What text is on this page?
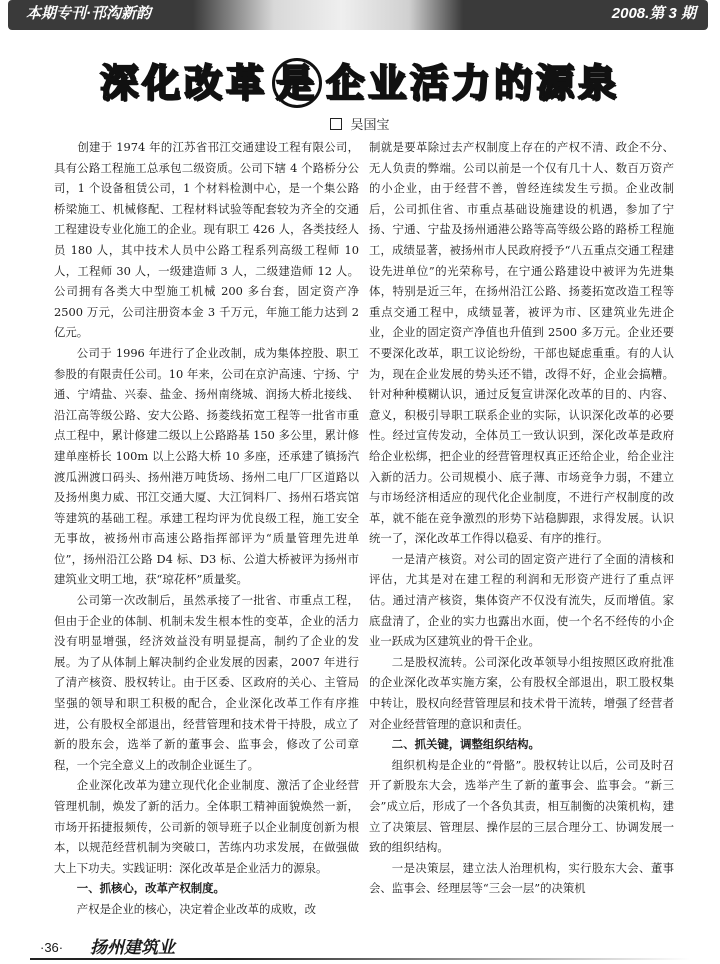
本期专刊·邗沟新韵	2008.第 3 期
深化改革 是 企业活力的源泉
吴国宝

　　创建于 1974 年的江苏省邗江交通建设工程有限公司，具有公路工程施工总承包二级资质。公司下辖 4 个路桥分公司，1 个设备租赁公司，1 个材料检测中心，是一个集公路桥梁施工、机械修配、工程材料试验等配套较为齐全的交通工程建设专业化施工的企业。现有职工 426 人，各类技经人员 180 人，其中技术人员中公路工程系列高级工程师 10 人，工程师 30 人，一级建造师 3 人，二级建造师 12 人。公司拥有各类大中型施工机械 200 多台套，固定资产净 2500 万元，公司注册资本金 3 千万元，年施工能力达到 2 亿元。

公司于 1996 年进行了企业改制，成为集体控股、职工参股的有限责任公司。10 年来，公司在京沪高速、宁扬、宁通、宁靖盐、兴泰、盐金、扬州南绕城、润扬大桥北接线、沿江高等级公路、安大公路、扬菱线拓宽工程等一批省市重点工程中，累计修建二级以上公路路基 150 多公里，累计修建单座桥长 100m 以上公路大桥 10 多座，还承建了镇扬汽渡瓜洲渡口码头、扬州港万吨货场、扬州二电厂厂区道路以及扬州奥力威、邗江交通大厦、大江饲料厂、扬州石塔宾馆等建筑的基础工程。承建工程均评为优良级工程，施工安全无事故，被扬州市高速公路指挥部评为“质量管理先进单位”，扬州沿江公路 D4 标、D3 标、公道大桥被评为扬州市建筑业文明工地，获“琼花杯”质量奖。

公司第一次改制后，虽然承接了一批省、市重点工程，但由于企业的体制、机制未发生根本性的变革，企业的活力没有明显增强，经济效益没有明显提高，制约了企业的发展。为了从体制上解决制约企业发展的因素，2007 年进行了清产核资、股权转让。由于区委、区政府的关心、主管局坚强的领导和职工积极的配合，企业深化改革工作有序推进，公有股权全部退出，经营管理和技术骨干持股，成立了新的股东会，选举了新的董事会、监事会，修改了公司章程，一个完全意义上的改制企业诞生了。

企业深化改革为建立现代化企业制度、激活了企业经营管理机制，焕发了新的活力。全体职工精神面貌焕然一新，市场开拓捷报频传，公司新的领导班子以企业制度创新为根本，以规范经营机制为突破口，苦练内功求发展，在做强做大上下功夫。实践证明：深化改革是企业活力的源泉。

一、抓核心，改革产权制度。

产权是企业的核心，决定着企业改革的成败，改

制就是要革除过去产权制度上存在的产权不清、政企不分、无人负责的弊端。公司以前是一个仅有几十人、数百万资产的小企业，由于经营不善，曾经连续发生亏损。企业改制后，公司抓住省、市重点基础设施建设的机遇，参加了宁扬、宁通、宁盐及扬州通港公路等高等级公路的路桥工程施工，成绩显著，被扬州市人民政府授予“八五重点交通工程建设先进单位”的光荣称号，在宁通公路建设中被评为先进集体，特别是近三年，在扬州沿江公路、扬菱拓宽改造工程等重点交通工程中，成绩显著，被评为市、区建筑业先进企业，企业的固定资产净值也升值到 2500 多万元。企业还要不要深化改革，职工议论纷纷，干部也疑虑重重。有的人认为，现在企业发展的势头还不错，改得不好，企业会搞糟。针对种种模糊认识，通过反复宣讲深化改革的目的、内容、意义，积极引导职工联系企业的实际，认识深化改革的必要性。经过宣传发动，全体员工一致认识到，深化改革是政府给企业松绑，把企业的经营管理权真正还给企业，给企业注入新的活力。公司规模小、底子薄、市场竞争力弱，不建立与市场经济相适应的现代化企业制度，不进行产权制度的改革，就不能在竞争激烈的形势下站稳脚跟，求得发展。认识统一了，深化改革工作得以稳妥、有序的推行。

一是清产核资。对公司的固定资产进行了全面的清核和评估，尤其是对在建工程的利润和无形资产进行了重点评估。通过清产核资，集体资产不仅没有流失，反而增值。家底盘清了，企业的实力也露出水面，使一个名不经传的小企业一跃成为区建筑业的骨干企业。

二是股权流转。公司深化改革领导小组按照区政府批准的企业深化改革实施方案，公有股权全部退出，职工股权集中转让，股权向经营管理层和技术骨干流转，增强了经营者对企业经营管理的意识和责任。

二、抓关键，调整组织结构。

组织机构是企业的“骨骼”。股权转让以后，公司及时召开了新股东大会，选举产生了新的董事会、监事会。“新三会”成立后，形成了一个各负其责，相互制衡的决策机构，建立了决策层、管理层、操作层的三层合理分工、协调发展一致的组织结构。

一是决策层，建立法人治理机构，实行股东大会、董事会、监事会、经理层等“三会一层”的决策机

·36· 扬州建筑业
